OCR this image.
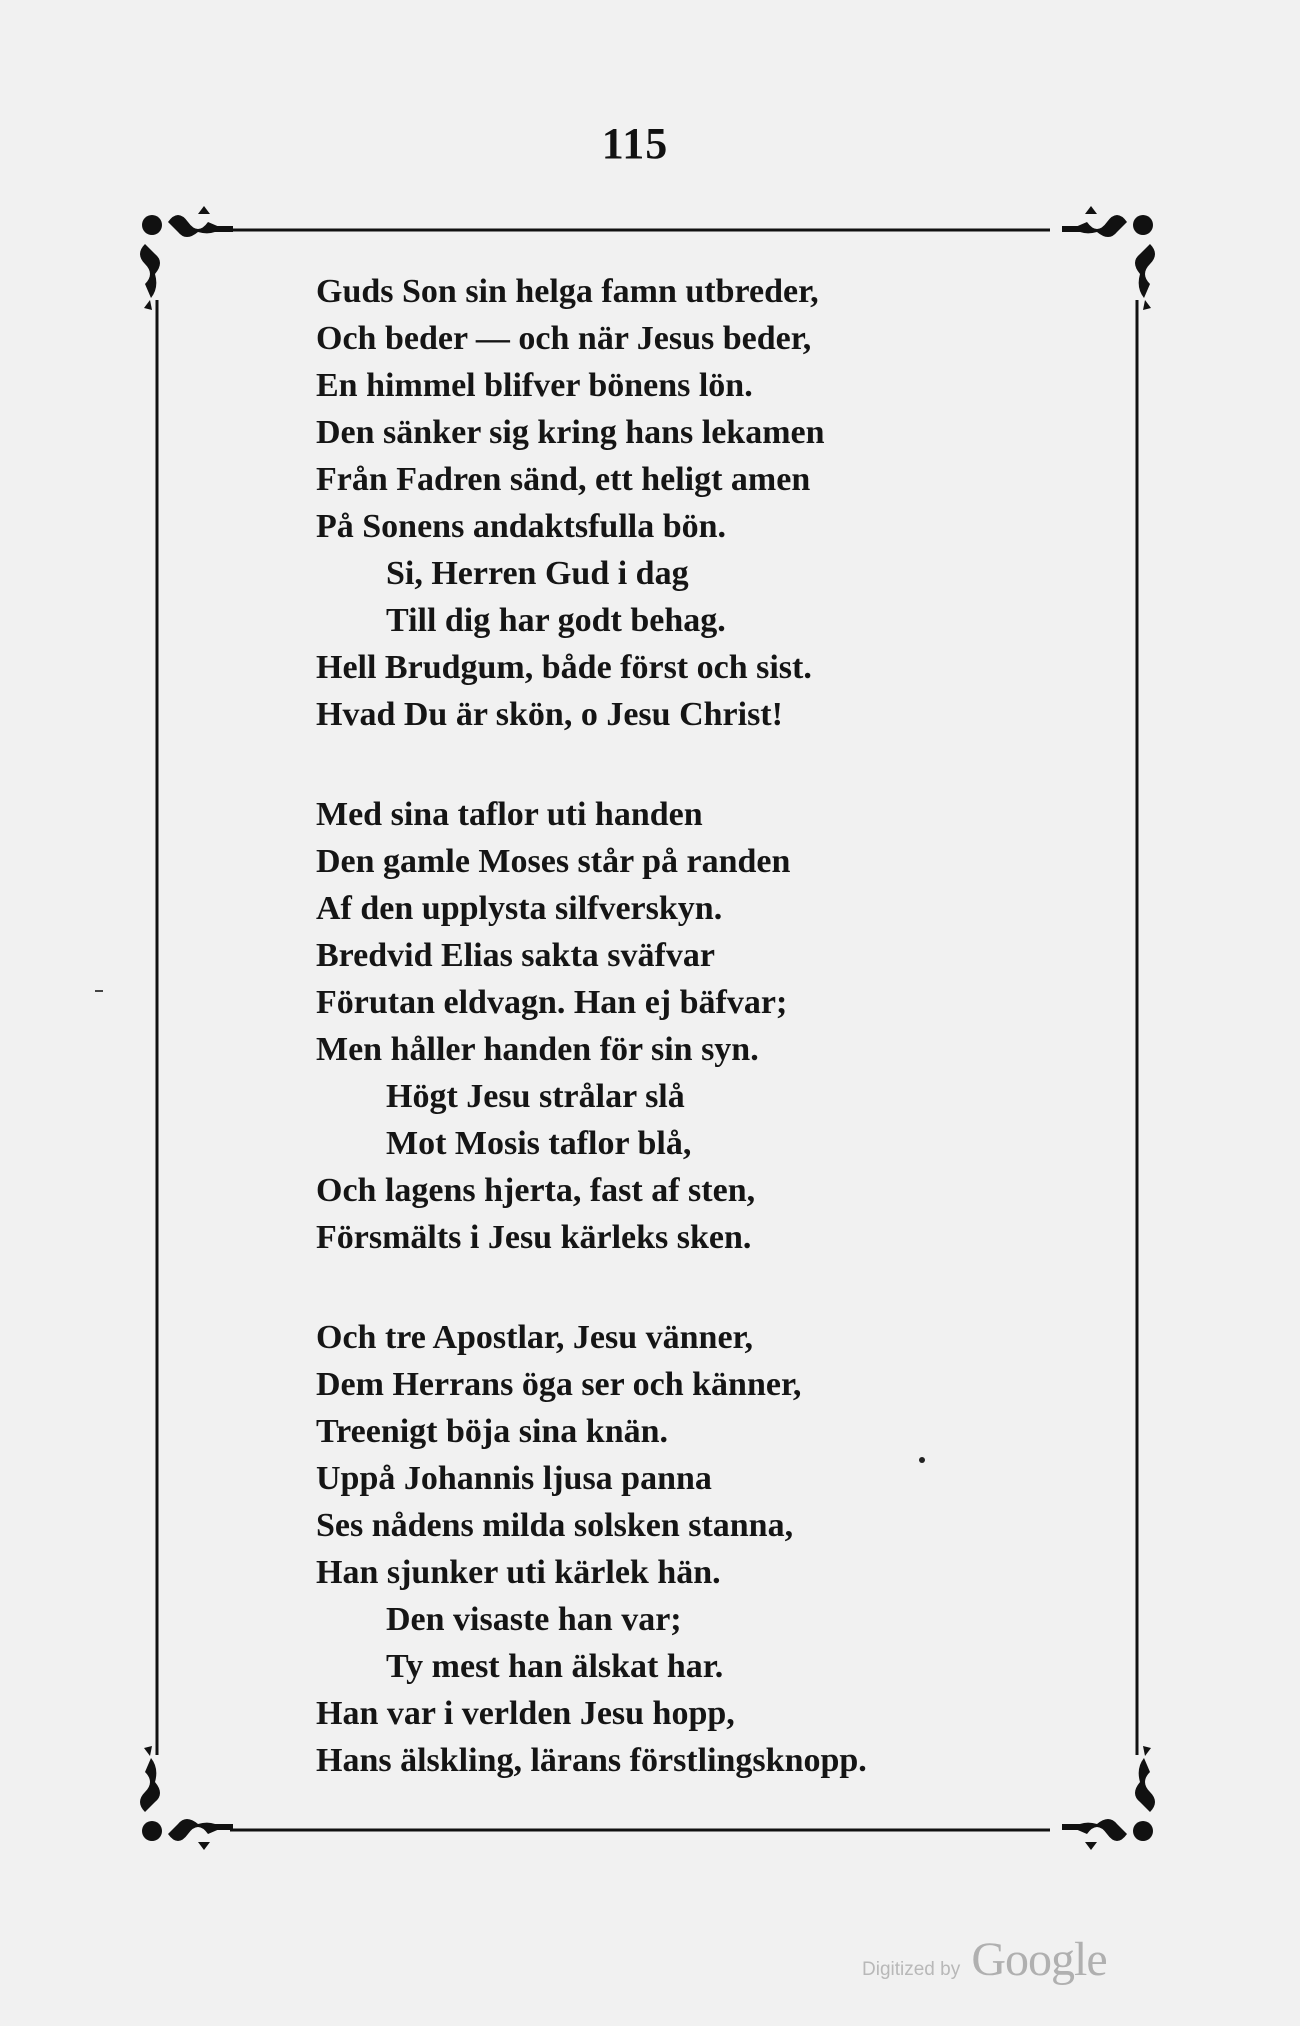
115
Guds Son sin helga famn utbreder,
Och beder — och när Jesus beder,
En himmel blifver bönens lön.
Den sänker sig kring hans lekamen
Från Fadren sänd, ett heligt amen
På Sonens andaktsfulla bön.
Si, Herren Gud i dag
Till dig har godt behag.
Hell Brudgum, både först och sist.
Hvad Du är skön, o Jesu Christ!
Med sina taflor uti handen
Den gamle Moses står på randen
Af den upplysta silfverskyn.
Bredvid Elias sakta sväfvar
Förutan eldvagn. Han ej bäfvar;
Men håller handen för sin syn.
Högt Jesu strålar slå
Mot Mosis taflor blå,
Och lagens hjerta, fast af sten,
Försmälts i Jesu kärleks sken.
Och tre Apostlar, Jesu vänner,
Dem Herrans öga ser och känner,
Treenigt böja sina knän.
Uppå Johannis ljusa panna
Ses nådens milda solsken stanna,
Han sjunker uti kärlek hän.
Den visaste han var;
Ty mest han älskat har.
Han var i verlden Jesu hopp,
Hans älskling, lärans förstlingsknopp.
Digitized by Google
